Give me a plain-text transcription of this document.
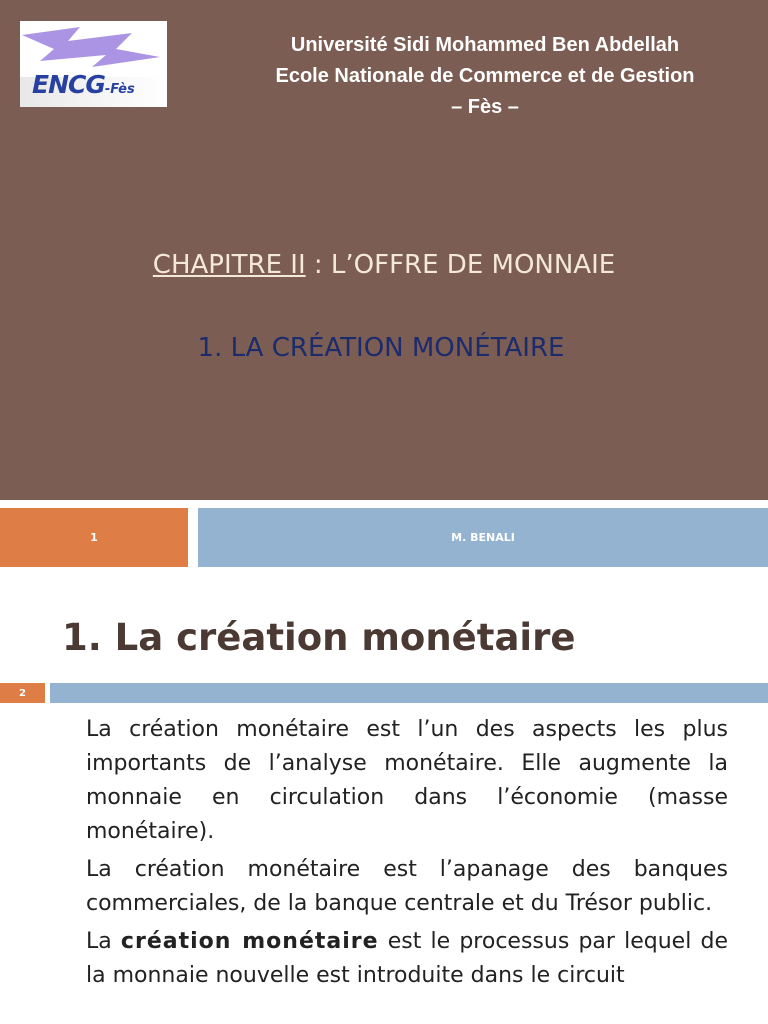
ENCG-Fès
Université Sidi Mohammed Ben Abdellah
Ecole Nationale de Commerce et de Gestion
– Fès –
CHAPITRE II : L’OFFRE DE MONNAIE
1. LA CRÉATION MONÉTAIRE
1	M. BENALI
1. La création monétaire
2

La création monétaire est l’un des aspects les plus importants de l’analyse monétaire. Elle augmente la monnaie en circulation dans l’économie (masse monétaire).

La création monétaire est l’apanage des banques commerciales, de la banque centrale et du Trésor public.

La création monétaire est le processus par lequel de la monnaie nouvelle est introduite dans le circuit
